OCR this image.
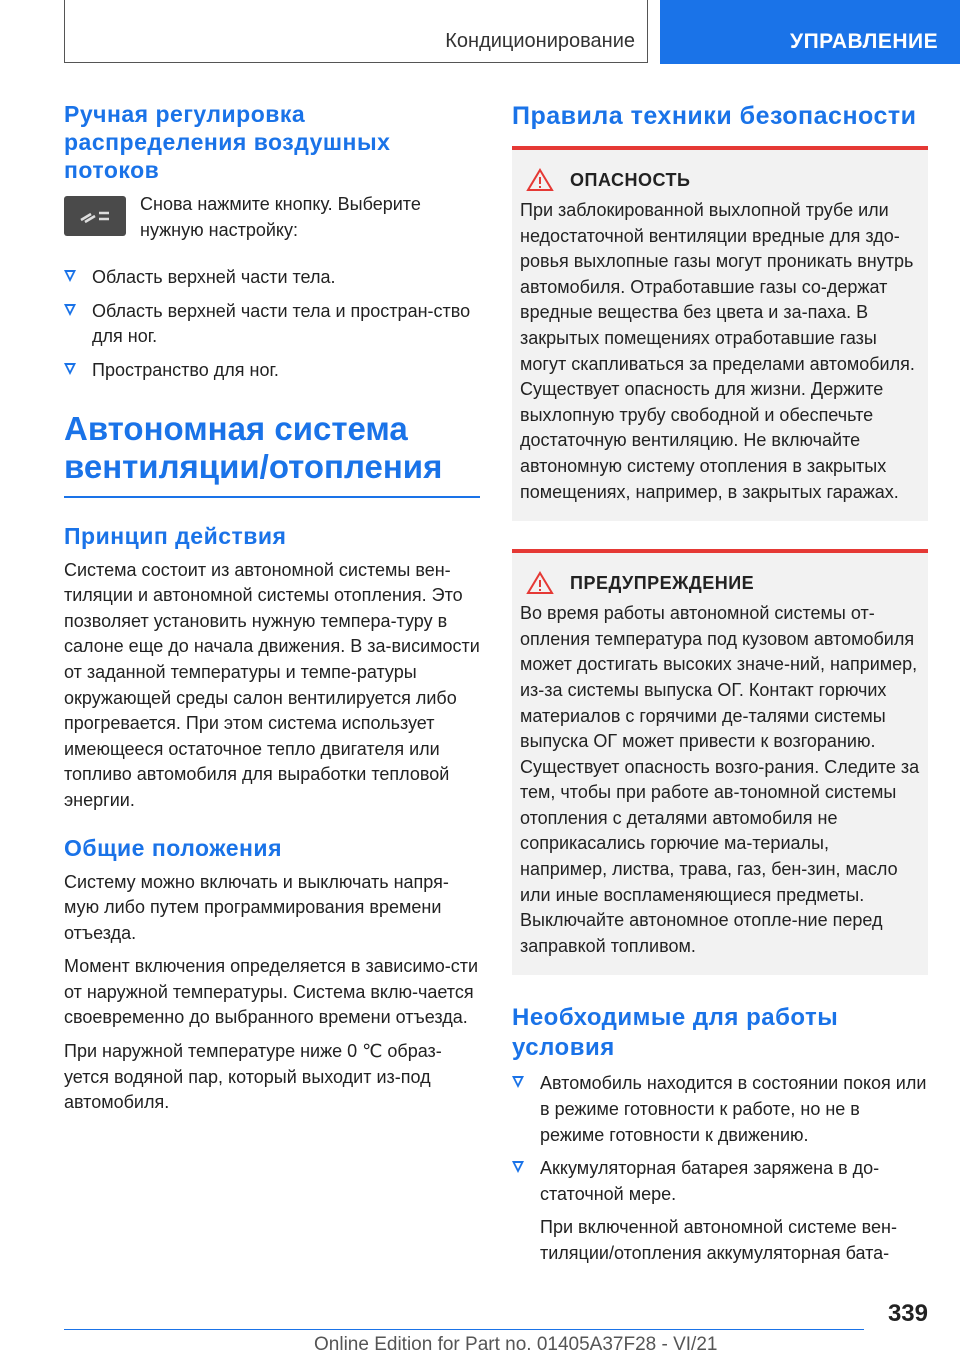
Кондиционирование	УПРАВЛЕНИЕ
Ручная регулировка распределения воздушных потоков

Снова нажмите кнопку. Выберите нужную настройку:

Область верхней части тела.
Область верхней части тела и простран-ство для ног.
Пространство для ног.
Автономная система вентиляции/отопления
Принцип действия

Система состоит из автономной системы вен-тиляции и автономной системы отопления. Это позволяет установить нужную темпера-туру в салоне еще до начала движения. В за-висимости от заданной температуры и темпе-ратуры окружающей среды салон вентилируется либо прогревается. При этом система использует имеющееся остаточное тепло двигателя или топливо автомобиля для выработки тепловой энергии.

Общие положения

Систему можно включать и выключать напря-мую либо путем программирования времени отъезда.

Момент включения определяется в зависимо-сти от наружной температуры. Система вклю-чается своевременно до выбранного времени отъезда.

При наружной температуре ниже 0 ℃ образ-уется водяной пар, который выходит из-под автомобиля.

Правила техники безопасности
ОПАСНОСТЬ

При заблокированной выхлопной трубе или недостаточной вентиляции вредные для здо-ровья выхлопные газы могут проникать внутрь автомобиля. Отработавшие газы со-держат вредные вещества без цвета и за-паха. В закрытых помещениях отработавшие газы могут скапливаться за пределами автомобиля. Существует опасность для жизни. Держите выхлопную трубу свободной и обеспечьте достаточную вентиляцию. Не включайте автономную систему отопления в закрытых помещениях, например, в закрытых гаражах.

ПРЕДУПРЕЖДЕНИЕ

Во время работы автономной системы от-опления температура под кузовом автомобиля может достигать высоких значе-ний, например, из-за системы выпуска ОГ. Контакт горючих материалов с горячими де-талями системы выпуска ОГ может привести к возгоранию. Существует опасность возго-рания. Следите за тем, чтобы при работе ав-тономной системы отопления с деталями автомобиля не соприкасались горючие ма-териалы, например, листва, трава, газ, бен-зин, масло или иные воспламеняющиеся предметы. Выключайте автономное отопле-ние перед заправкой топливом.

Необходимые для работы условия
Автомобиль находится в состоянии покоя или в режиме готовности к работе, но не в режиме готовности к движению.
Аккумуляторная батарея заряжена в до-статочной мере.

При включенной автономной системе вен-тиляции/отопления аккумуляторная бата-

339
Online Edition for Part no. 01405A37F28 - VI/21
